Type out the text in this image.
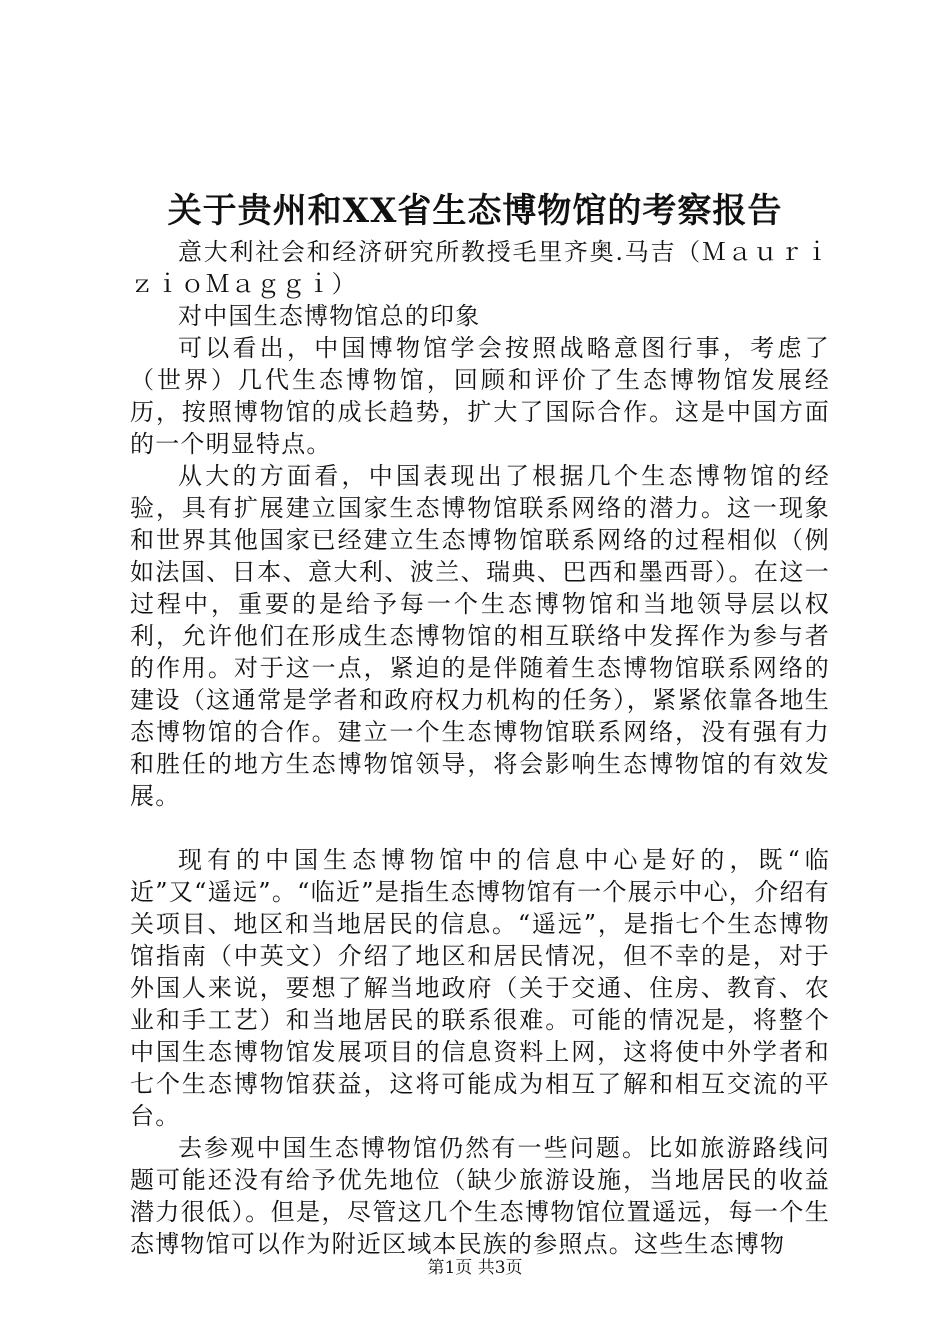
关于贵州和XX省生态博物馆的考察报告

意大利社会和经济研究所教授毛里齐奥.马吉（ＭａｕｒｉｚｉｏＭａｇｇｉ）

对中国生态博物馆总的印象

可以看出，中国博物馆学会按照战略意图行事，考虑了（世界）几代生态博物馆，回顾和评价了生态博物馆发展经历，按照博物馆的成长趋势，扩大了国际合作。这是中国方面的一个明显特点。

从大的方面看，中国表现出了根据几个生态博物馆的经验，具有扩展建立国家生态博物馆联系网络的潜力。这一现象和世界其他国家已经建立生态博物馆联系网络的过程相似（例如法国、日本、意大利、波兰、瑞典、巴西和墨西哥）。在这一过程中，重要的是给予每一个生态博物馆和当地领导层以权利，允许他们在形成生态博物馆的相互联络中发挥作为参与者的作用。对于这一点，紧迫的是伴随着生态博物馆联系网络的建设（这通常是学者和政府权力机构的任务），紧紧依靠各地生态博物馆的合作。建立一个生态博物馆联系网络，没有强有力和胜任的地方生态博物馆领导，将会影响生态博物馆的有效发展。

现有的中国生态博物馆中的信息中心是好的，既“临近”又“遥远”。“临近”是指生态博物馆有一个展示中心，介绍有关项目、地区和当地居民的信息。“遥远”，是指七个生态博物馆指南（中英文）介绍了地区和居民情况，但不幸的是，对于外国人来说，要想了解当地政府（关于交通、住房、教育、农业和手工艺）和当地居民的联系很难。可能的情况是，将整个中国生态博物馆发展项目的信息资料上网，这将使中外学者和七个生态博物馆获益，这将可能成为相互了解和相互交流的平台。

去参观中国生态博物馆仍然有一些问题。比如旅游路线问题可能还没有给予优先地位（缺少旅游设施，当地居民的收益潜力很低）。但是，尽管这几个生态博物馆位置遥远，每一个生态博物馆可以作为附近区域本民族的参照点。这些生态博物

第1页 共3页
